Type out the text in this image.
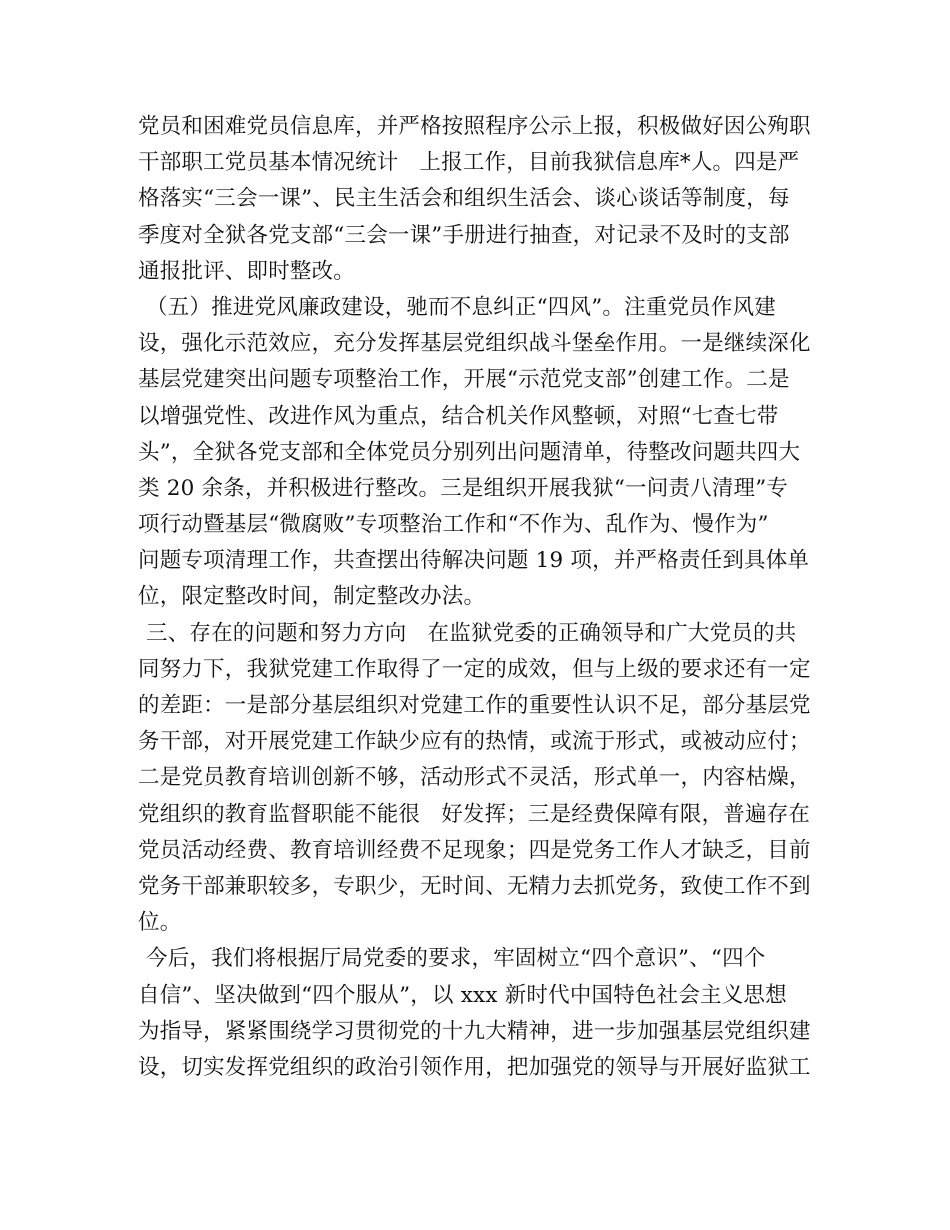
党员和困难党员信息库，并严格按照程序公示上报，积极做好因公殉职
干部职工党员基本情况统计   上报工作，目前我狱信息库*人。四是严
格落实“三会一课”、民主生活会和组织生活会、谈心谈话等制度，每
季度对全狱各党支部“三会一课”手册进行抽查，对记录不及时的支部
通报批评、即时整改。
（五）推进党风廉政建设，驰而不息纠正“四风”。注重党员作风建
设，强化示范效应，充分发挥基层党组织战斗堡垒作用。一是继续深化
基层党建突出问题专项整治工作，开展“示范党支部”创建工作。二是
以增强党性、改进作风为重点，结合机关作风整顿，对照“七查七带
头”，全狱各党支部和全体党员分别列出问题清单，待整改问题共四大
类 20 余条，并积极进行整改。三是组织开展我狱“一问责八清理”专
项行动暨基层“微腐败”专项整治工作和“不作为、乱作为、慢作为”
问题专项清理工作，共查摆出待解决问题 19 项，并严格责任到具体单
位，限定整改时间，制定整改办法。
三、存在的问题和努力方向   在监狱党委的正确领导和广大党员的共
同努力下，我狱党建工作取得了一定的成效，但与上级的要求还有一定
的差距：一是部分基层组织对党建工作的重要性认识不足，部分基层党
务干部，对开展党建工作缺少应有的热情，或流于形式，或被动应付；
二是党员教育培训创新不够，活动形式不灵活，形式单一，内容枯燥，
党组织的教育监督职能不能很   好发挥；三是经费保障有限，普遍存在
党员活动经费、教育培训经费不足现象；四是党务工作人才缺乏，目前
党务干部兼职较多，专职少，无时间、无精力去抓党务，致使工作不到
位。
今后，我们将根据厅局党委的要求，牢固树立“四个意识”、“四个
自信”、坚决做到“四个服从”，以 xxx 新时代中国特色社会主义思想
为指导，紧紧围绕学习贯彻党的十九大精神，进一步加强基层党组织建
设，切实发挥党组织的政治引领作用，把加强党的领导与开展好监狱工
